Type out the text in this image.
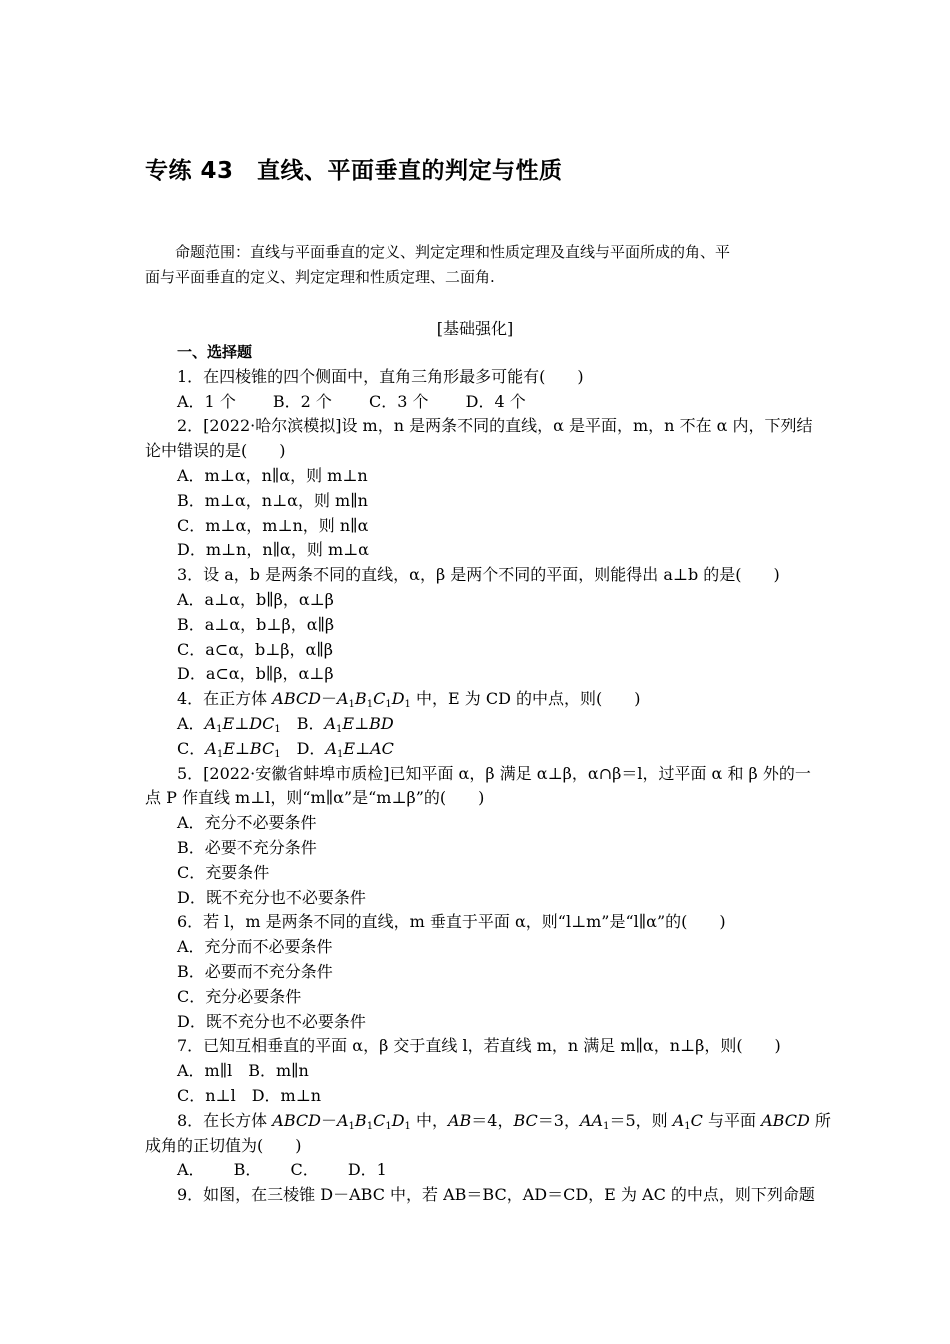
专练 43　直线、平面垂直的判定与性质
命题范围：直线与平面垂直的定义、判定定理和性质定理及直线与平面所成的角、平
面与平面垂直的定义、判定定理和性质定理、二面角.
[基础强化]
一、选择题
1．在四棱锥的四个侧面中，直角三角形最多可能有(　　)
A．1 个　　 B．2 个　　 C．3 个　　 D．4 个
2．[2022·哈尔滨模拟]设 m，n 是两条不同的直线，α 是平面，m，n 不在 α 内，下列结
论中错误的是(　　)
A．m⊥α，n∥α，则 m⊥n
B．m⊥α，n⊥α，则 m∥n
C．m⊥α，m⊥n，则 n∥α
D．m⊥n，n∥α，则 m⊥α
3．设 a，b 是两条不同的直线，α，β 是两个不同的平面，则能得出 a⊥b 的是(　　)
A．a⊥α，b∥β，α⊥β
B．a⊥α，b⊥β，α∥β
C．a⊂α，b⊥β，α∥β
D．a⊂α，b∥β，α⊥β
4．在正方体 $ABCD-A_1B_1C_1D_1$ 中，E 为 CD 的中点，则(　　)
A．$A_1E\perp DC_1$　B．$A_1E\perp BD$
C．$A_1E\perp BC_1$　D．$A_1E\perp AC$
5．[2022·安徽省蚌埠市质检]已知平面 α，β 满足 α⊥β，α∩β＝l，过平面 α 和 β 外的一
点 P 作直线 m⊥l，则“m∥α”是“m⊥β”的(　　)
A．充分不必要条件
B．必要不充分条件
C．充要条件
D．既不充分也不必要条件
6．若 l，m 是两条不同的直线，m 垂直于平面 α，则“l⊥m”是“l∥α”的(　　)
A．充分而不必要条件
B．必要而不充分条件
C．充分必要条件
D．既不充分也不必要条件
7．已知互相垂直的平面 α，β 交于直线 l，若直线 m，n 满足 m∥α，n⊥β，则(　　)
A．m∥l　B．m∥n
C．n⊥l　D．m⊥n
8．在长方体 $ABCD-A_1B_1C_1D_1$ 中，AB＝4，BC＝3，$AA_1=5$，则 $A_1C$ 与平面 ABCD 所
成角的正切值为(　　)
A．　　 B．　　 C．　　 D．1
9．如图，在三棱锥 D－ABC 中，若 AB＝BC，AD＝CD，E 为 AC 的中点，则下列命题
